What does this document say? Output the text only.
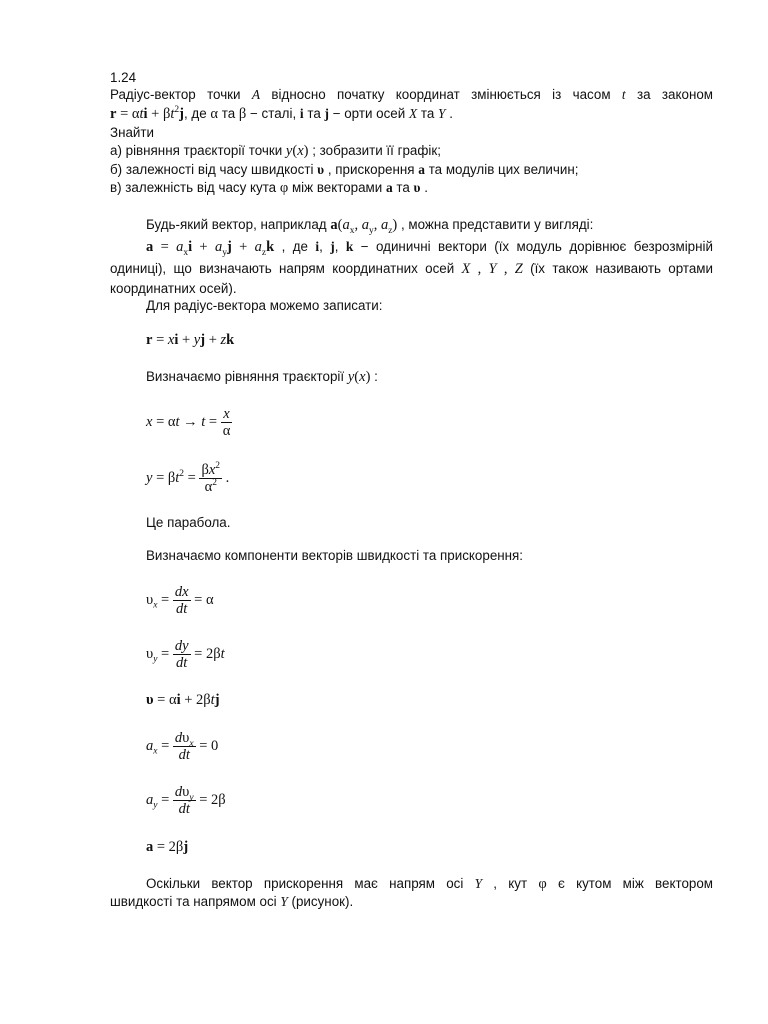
1.24
Радіус-вектор точки A відносно початку координат змінюється із часом t за законом
$r = \alpha ti + \beta t^2j$, де α та β − сталі, i та j − орти осей X та Y .
Знайти
а) рівняння траєкторії точки y(x) ; зобразити її графік;
б) залежності від часу швидкості υ , прискорення a та модулів цих величин;
в) залежність від часу кута φ між векторами a та υ .
Будь-який вектор, наприклад $a(a_x$, $a_y$, $a_z$) , можна представити у вигляді:
$a = a_xi + a_yj + a_zk$ , де i, j, k − одиничні вектори (їх модуль дорівнює безрозмірній
одиниці), що визначають напрям координатних осей X , Y , Z (їх також називають ортами
координатних осей).
Для радіус-вектора можемо записати:
r = xi + yj + zk
Визначаємо рівняння траєкторії y(x) :
$x = \alpha t \to t = \frac{x}{\alpha}$
$y = \beta t^2 = \frac{\beta x^2}{\alpha^2}$ .
Це парабола.
Визначаємо компоненти векторів швидкості та прискорення:
$\upsilon_x = \frac{dx}{dt} = \alpha$
$\upsilon_y = \frac{dy}{dt} = 2\beta t$
υ = αi + 2βtj
$a_x = \frac{d\upsilon_x}{dt} = 0$
$a_y = \frac{d\upsilon_y}{dt} = 2\beta$
a = 2βj
Оскільки вектор прискорення має напрям осі Y , кут φ є кутом між вектором
швидкості та напрямом осі Y (рисунок).
